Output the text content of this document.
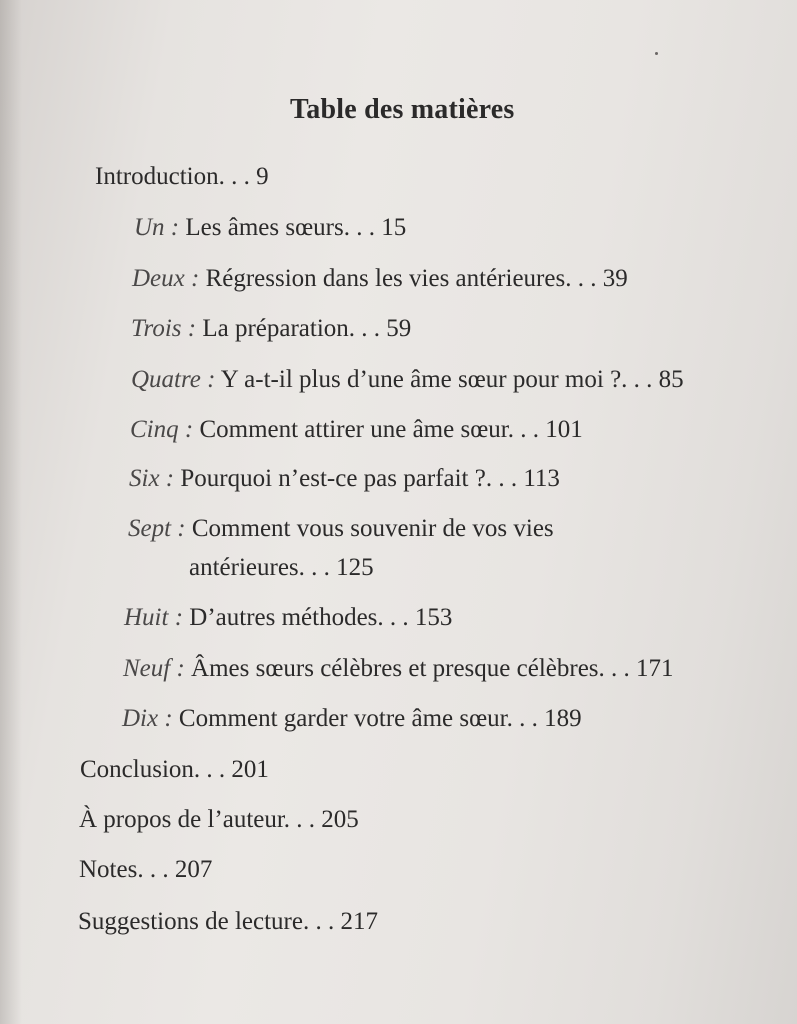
Table des matières
Introduction. . . 9
Un : Les âmes sœurs. . . 15
Deux : Régression dans les vies antérieures. . . 39
Trois : La préparation. . . 59
Quatre : Y a-t-il plus d’une âme sœur pour moi ?. . . 85
Cinq : Comment attirer une âme sœur. . . 101
Six : Pourquoi n’est-ce pas parfait ?. . . 113
Sept : Comment vous souvenir de vos vies
antérieures. . . 125
Huit : D’autres méthodes. . . 153
Neuf : Âmes sœurs célèbres et presque célèbres. . . 171
Dix : Comment garder votre âme sœur. . . 189
Conclusion. . . 201
À propos de l’auteur. . . 205
Notes. . . 207
Suggestions de lecture. . . 217
